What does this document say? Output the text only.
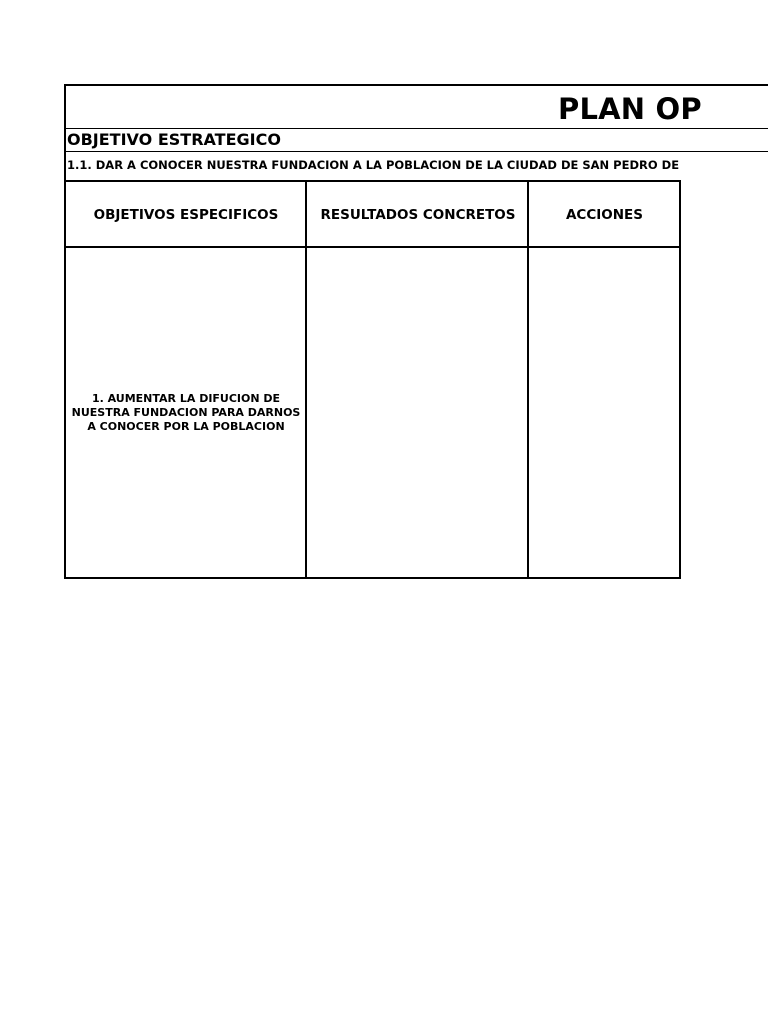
PLAN OP
OBJETIVO ESTRATEGICO
1.1. DAR A CONOCER NUESTRA FUNDACION A LA POBLACION DE LA CIUDAD DE SAN PEDRO DE
OBJETIVOS ESPECIFICOS	RESULTADOS CONCRETOS	ACCIONES
1. AUMENTAR LA DIFUCION DE NUESTRA FUNDACION PARA DARNOS A CONOCER POR LA POBLACION
